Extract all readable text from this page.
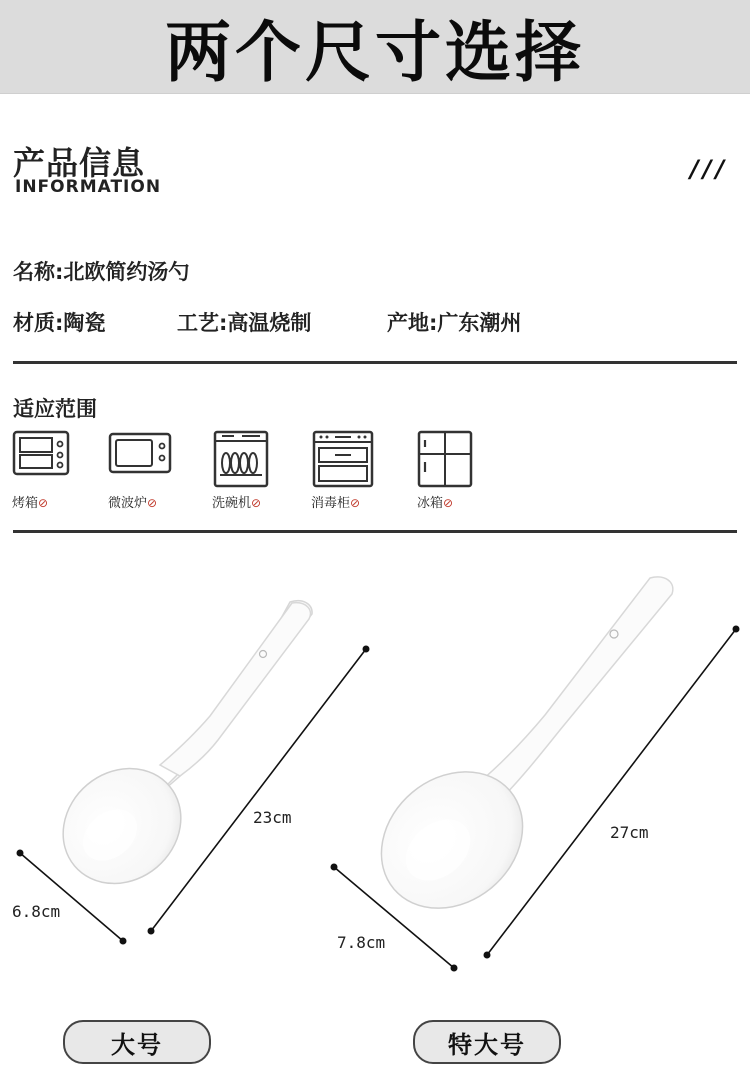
两个尺寸选择
产品信息
INFORMATION
///
名称:北欧简约汤勺
材质:陶瓷	工艺:高温烧制	产地:广东潮州
适应范围
烤箱⊘	微波炉⊘	洗碗机⊘	消毒柜⊘	冰箱⊘
23cm
6.8cm
27cm
7.8cm
大号	特大号
